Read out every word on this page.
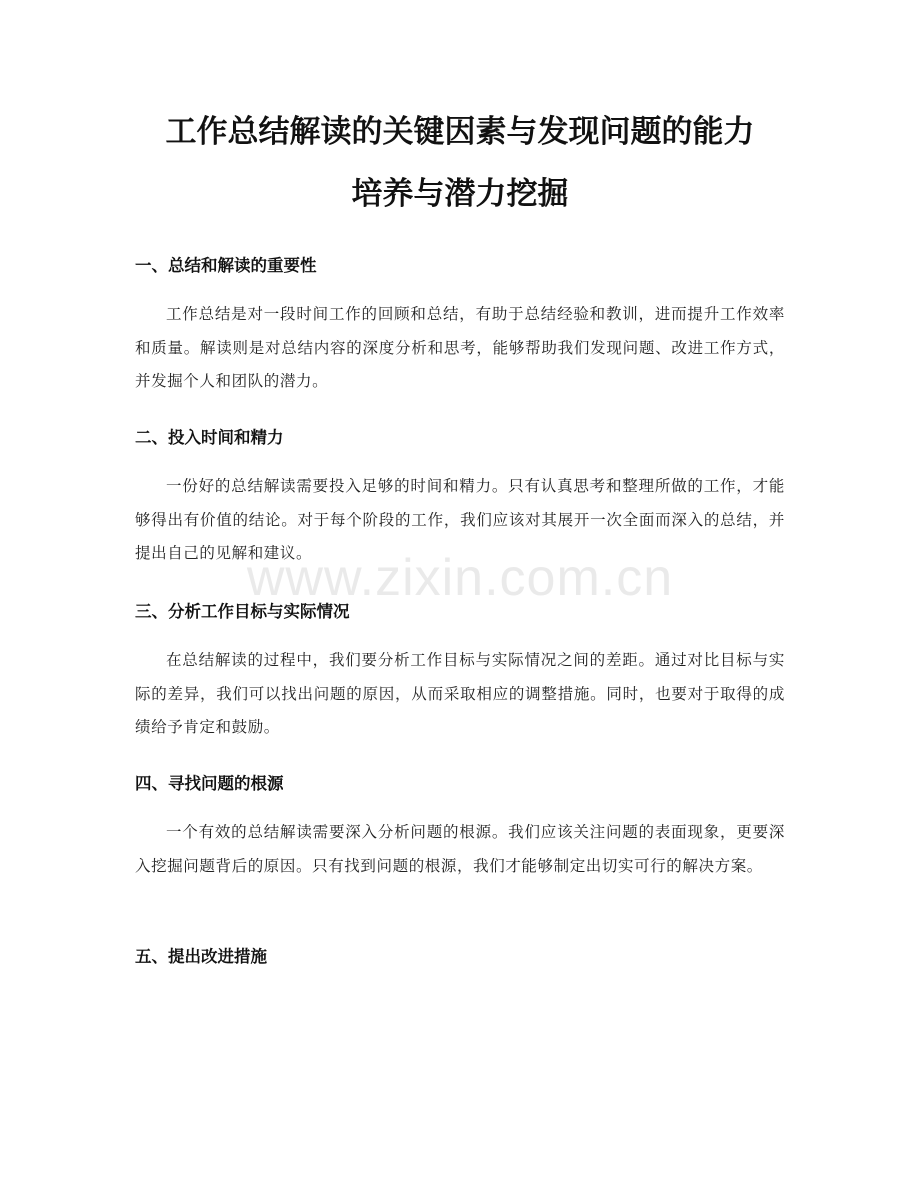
工作总结解读的关键因素与发现问题的能力
培养与潜力挖掘
一、总结和解读的重要性

工作总结是对一段时间工作的回顾和总结，有助于总结经验和教训，进而提升工作效率和质量。解读则是对总结内容的深度分析和思考，能够帮助我们发现问题、改进工作方式，并发掘个人和团队的潜力。

二、投入时间和精力

一份好的总结解读需要投入足够的时间和精力。只有认真思考和整理所做的工作，才能够得出有价值的结论。对于每个阶段的工作，我们应该对其展开一次全面而深入的总结，并提出自己的见解和建议。

三、分析工作目标与实际情况

在总结解读的过程中，我们要分析工作目标与实际情况之间的差距。通过对比目标与实际的差异，我们可以找出问题的原因，从而采取相应的调整措施。同时，也要对于取得的成绩给予肯定和鼓励。

四、寻找问题的根源

一个有效的总结解读需要深入分析问题的根源。我们应该关注问题的表面现象，更要深入挖掘问题背后的原因。只有找到问题的根源，我们才能够制定出切实可行的解决方案。

五、提出改进措施
www.zixin.com.cn
